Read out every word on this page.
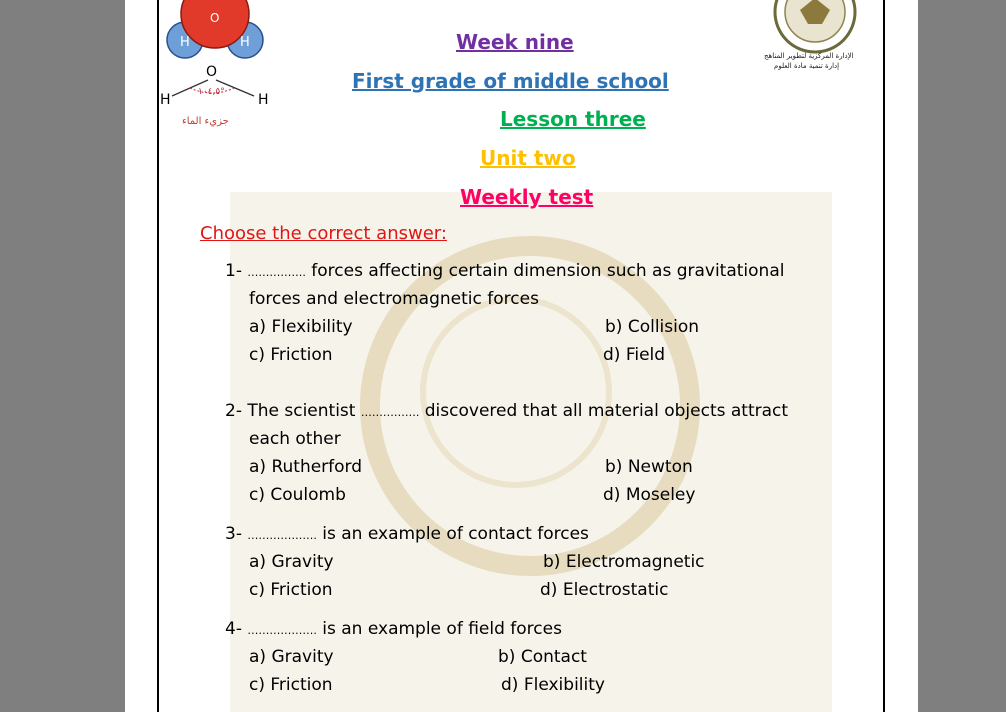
H	H
O
O
H	H
١٠٤,٥°
جزيء الماء
الإدارة المركزية لتطوير المناهج
إدارة تنمية مادة العلوم
Week nine
First grade of middle school
Lesson three
Unit two
Weekly test
Choose the correct answer:
1- ……………. forces affecting certain dimension such as gravitational
forces and electromagnetic forces
a) Flexibility	b) Collision
c) Friction	d) Field
2- The scientist ……………. discovered that all material objects attract
each other
a) Rutherford	b) Newton
c) Coulomb	d) Moseley
3- ………………. is an example of contact forces
a) Gravity	b) Electromagnetic
c) Friction	d) Electrostatic
4- ………………. is an example of field forces
a) Gravity	b) Contact
c) Friction	d) Flexibility
